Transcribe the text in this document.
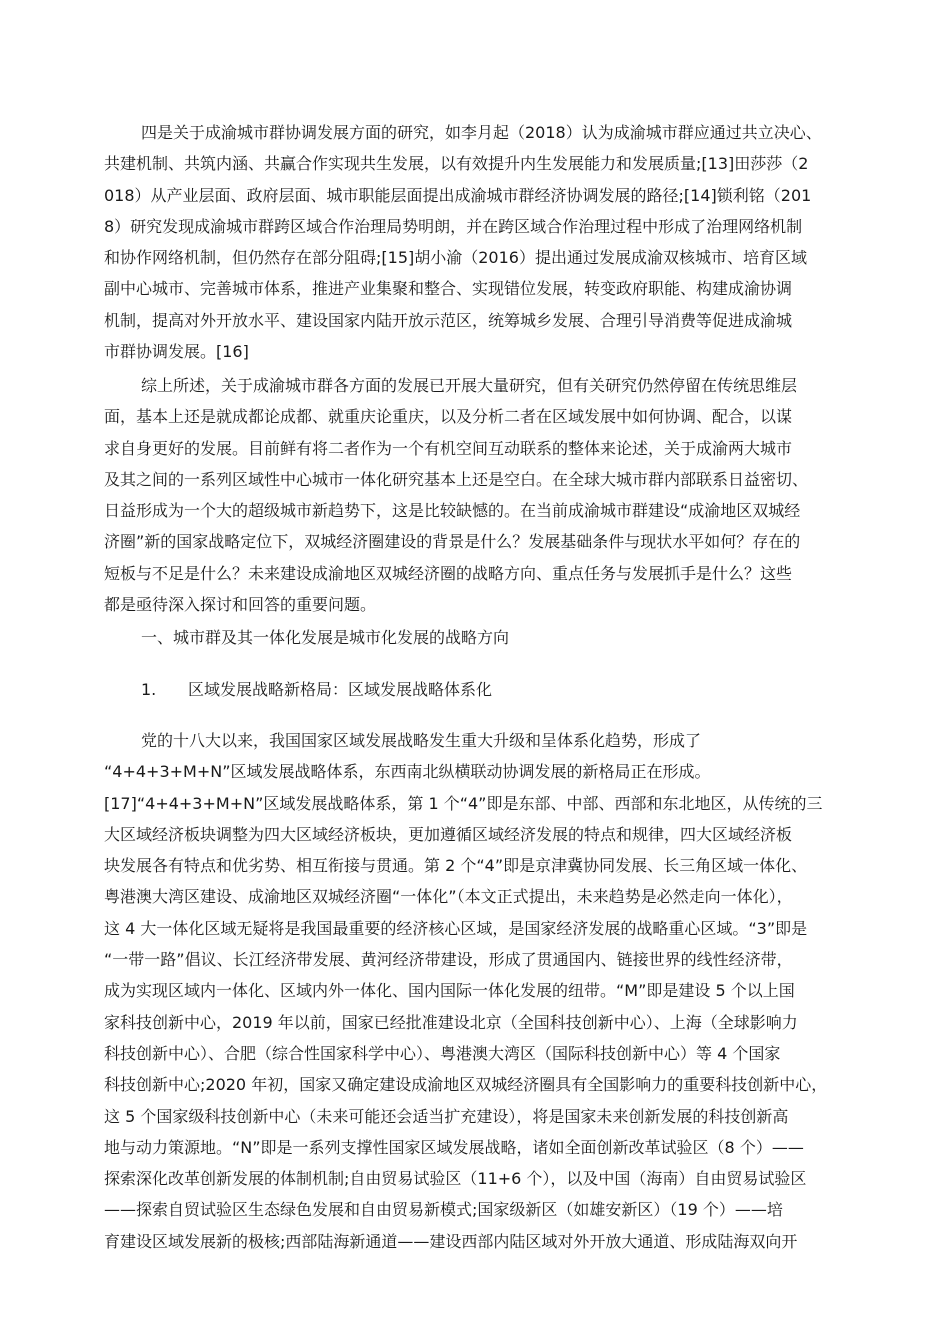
四是关于成渝城市群协调发展方面的研究，如李月起（2018）认为成渝城市群应通过共立决心、
共建机制、共筑内涵、共赢合作实现共生发展，以有效提升内生发展能力和发展质量;[13]田莎莎（2
018）从产业层面、政府层面、城市职能层面提出成渝城市群经济协调发展的路径;[14]锁利铭（201
8）研究发现成渝城市群跨区域合作治理局势明朗，并在跨区域合作治理过程中形成了治理网络机制
和协作网络机制，但仍然存在部分阻碍;[15]胡小渝（2016）提出通过发展成渝双核城市、培育区域
副中心城市、完善城市体系，推进产业集聚和整合、实现错位发展，转变政府职能、构建成渝协调
机制，提高对外开放水平、建设国家内陆开放示范区，统筹城乡发展、合理引导消费等促进成渝城
市群协调发展。[16]
综上所述，关于成渝城市群各方面的发展已开展大量研究，但有关研究仍然停留在传统思维层
面，基本上还是就成都论成都、就重庆论重庆，以及分析二者在区域发展中如何协调、配合，以谋
求自身更好的发展。目前鲜有将二者作为一个有机空间互动联系的整体来论述，关于成渝两大城市
及其之间的一系列区域性中心城市一体化研究基本上还是空白。在全球大城市群内部联系日益密切、
日益形成为一个大的超级城市新趋势下，这是比较缺憾的。在当前成渝城市群建设“成渝地区双城经
济圈”新的国家战略定位下，双城经济圈建设的背景是什么？发展基础条件与现状水平如何？存在的
短板与不足是什么？未来建设成渝地区双城经济圈的战略方向、重点任务与发展抓手是什么？这些
都是亟待深入探讨和回答的重要问题。
一、城市群及其一体化发展是城市化发展的战略方向
1. 区域发展战略新格局：区域发展战略体系化
党的十八大以来，我国国家区域发展战略发生重大升级和呈体系化趋势，形成了
“4+4+3+M+N”区域发展战略体系，东西南北纵横联动协调发展的新格局正在形成。
[17]“4+4+3+M+N”区域发展战略体系，第 1 个“4”即是东部、中部、西部和东北地区，从传统的三
大区域经济板块调整为四大区域经济板块，更加遵循区域经济发展的特点和规律，四大区域经济板
块发展各有特点和优劣势、相互衔接与贯通。第 2 个“4”即是京津冀协同发展、长三角区域一体化、
粤港澳大湾区建设、成渝地区双城经济圈“一体化”（本文正式提出，未来趋势是必然走向一体化），
这 4 大一体化区域无疑将是我国最重要的经济核心区域，是国家经济发展的战略重心区域。“3”即是
“一带一路”倡议、长江经济带发展、黄河经济带建设，形成了贯通国内、链接世界的线性经济带，
成为实现区域内一体化、区域内外一体化、国内国际一体化发展的纽带。“M”即是建设 5 个以上国
家科技创新中心，2019 年以前，国家已经批准建设北京（全国科技创新中心）、上海（全球影响力
科技创新中心）、合肥（综合性国家科学中心）、粤港澳大湾区（国际科技创新中心）等 4 个国家
科技创新中心;2020 年初，国家又确定建设成渝地区双城经济圈具有全国影响力的重要科技创新中心，
这 5 个国家级科技创新中心（未来可能还会适当扩充建设），将是国家未来创新发展的科技创新高
地与动力策源地。“N”即是一系列支撑性国家区域发展战略，诸如全面创新改革试验区（8 个）——
探索深化改革创新发展的体制机制;自由贸易试验区（11+6 个），以及中国（海南）自由贸易试验区
——探索自贸试验区生态绿色发展和自由贸易新模式;国家级新区（如雄安新区）（19 个）——培
育建设区域发展新的极核;西部陆海新通道——建设西部内陆区域对外开放大通道、形成陆海双向开
